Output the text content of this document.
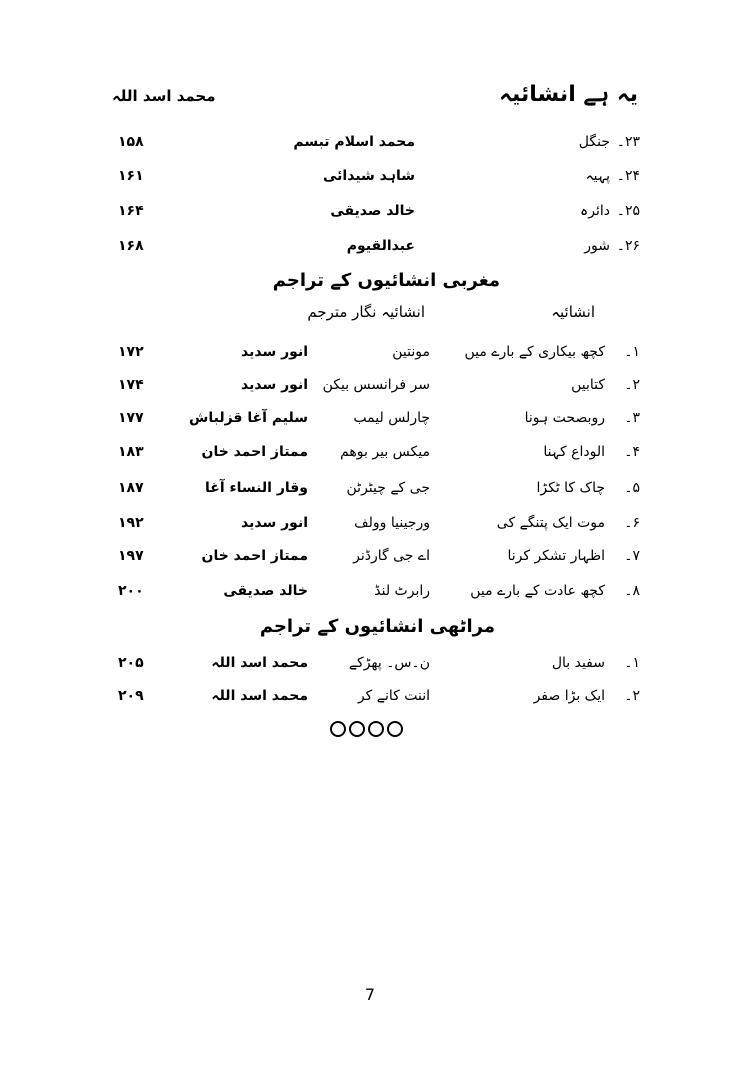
یہ ہے انشائیہ
محمد اسد اللہ
۲۳۔
جنگل
محمد اسلام تبسم
۱۵۸
۲۴۔
پہیہ
شاہد شیدائی
۱۶۱
۲۵۔
دائرہ
خالد صدیقی
۱۶۴
۲۶۔
شور
عبدالقیوم
۱۶۸
مغربی انشائیوں کے تراجم
انشائیہ
انشائیہ نگار مترجم
۱۔
کچھ بیکاری کے بارے میں
مونتین
انور سدید
۱۷۲
۲۔
کتابیں
سر فرانسس بیکن
انور سدید
۱۷۴
۳۔
روبصحت ہونا
چارلس لیمب
سلیم آغا قزلباش
۱۷۷
۴۔
الوداع کہنا
میکس بیر بوھم
ممتاز احمد خان
۱۸۳
۵۔
چاک کا ٹکڑا
جی کے چیٹرٹن
وقار النساء آغا
۱۸۷
۶۔
موت ایک پتنگے کی
ورجینیا وولف
انور سدید
۱۹۲
۷۔
اظہار تشکر کرنا
اے جی گارڈنر
ممتاز احمد خان
۱۹۷
۸۔
کچھ عادت کے بارے میں
رابرٹ لنڈ
خالد صدیقی
۲۰۰
مراٹھی انشائیوں کے تراجم
۱۔
سفید بال
ن۔س۔ پھڑکے
محمد اسد اللہ
۲۰۵
۲۔
ایک بڑا صفر
اننت کانے کر
محمد اسد اللہ
۲۰۹
7
